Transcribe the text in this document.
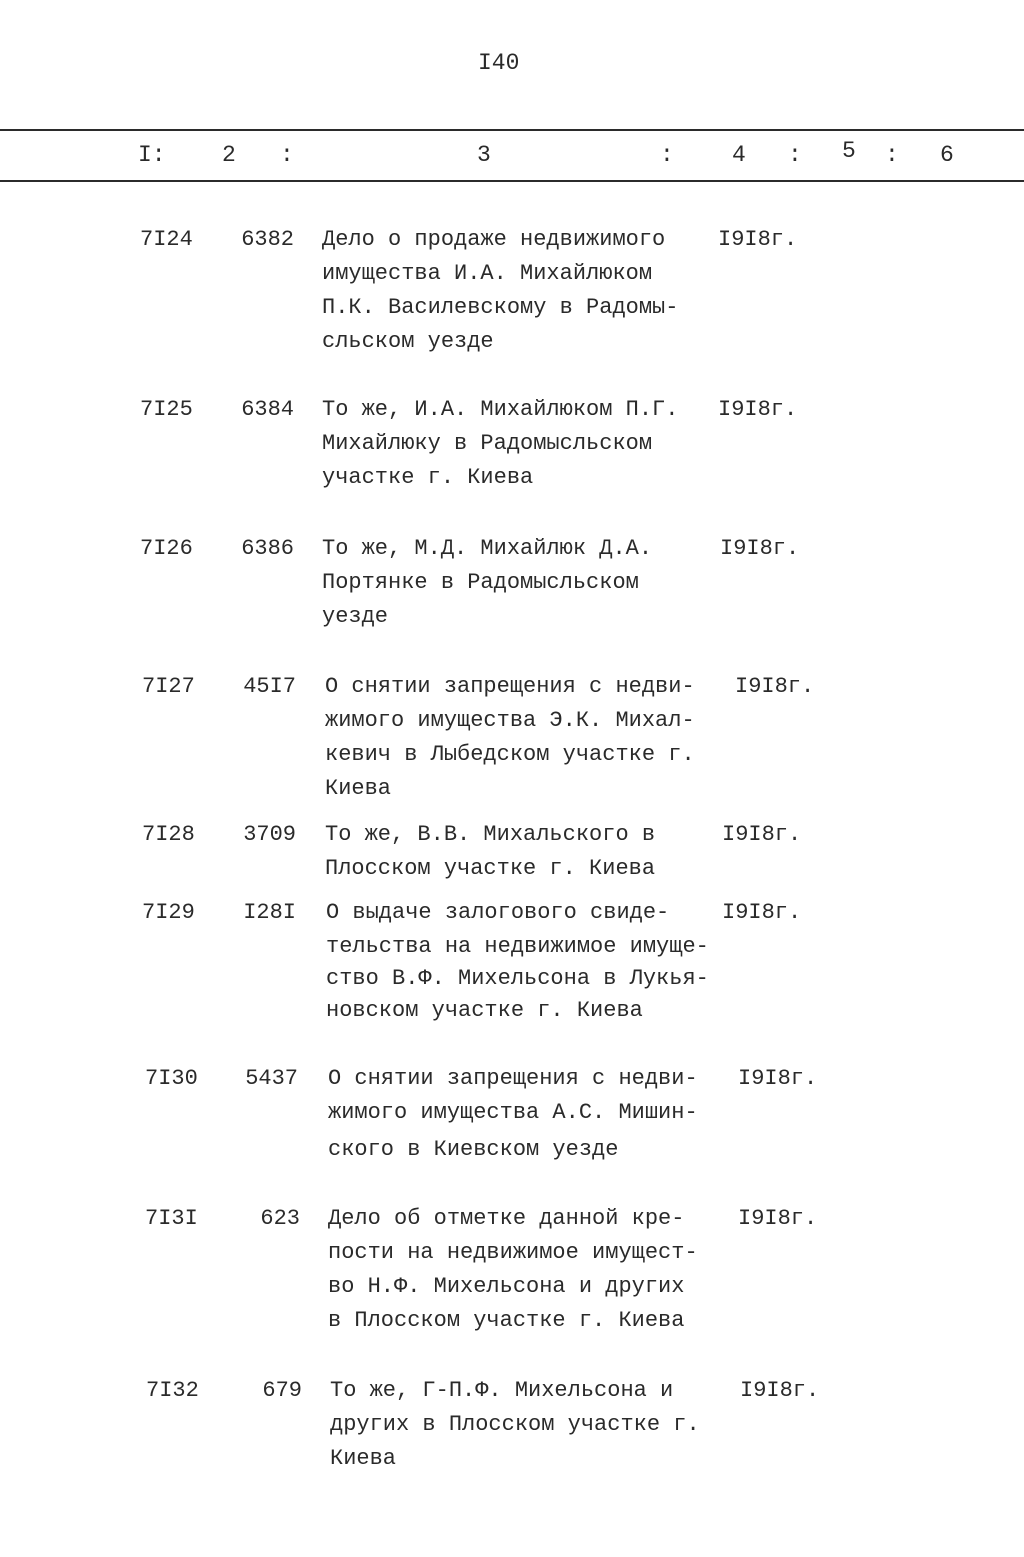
I40
I: 2 :	3	:	4 : 5 : 6
7I24	6382 Дело о продаже недвижимого
имущества И.А. Михайлюком
П.К. Василевскому в Радомы-
сльском уезде
I9I8г.
7I25	6384 То же, И.А. Михайлюком П.Г.
Михайлюку в Радомысльском
участке г. Киева
I9I8г.
7I26	6386 То же, М.Д. Михайлюк Д.А.
Портянке в Радомысльском
уезде
I9I8г.
7I27	45I7 О снятии запрещения с недви-
жимого имущества Э.К. Михал-
кевич в Лыбедском участке г.
Киева
I9I8г.
7I28	3709 То же, В.В. Михальского в
Плосском участке г. Киева
I9I8г.
7I29	I28I О выдаче залогового свиде-
тельства на недвижимое имуще-
ство В.Ф. Михельсона в Лукья-
новском участке г. Киева
I9I8г.
7I30	5437 О снятии запрещения с недви-
жимого имущества А.С. Мишин-
ского в Киевском уезде
I9I8г.
7I3I	623 Дело об отметке данной кре-
пости на недвижимое имущест-
во Н.Ф. Михельсона и других
в Плосском участке г. Киева
I9I8г.
7I32	679 То же, Г-П.Ф. Михельсона и
других в Плосском участке г.
Киева
I9I8г.
